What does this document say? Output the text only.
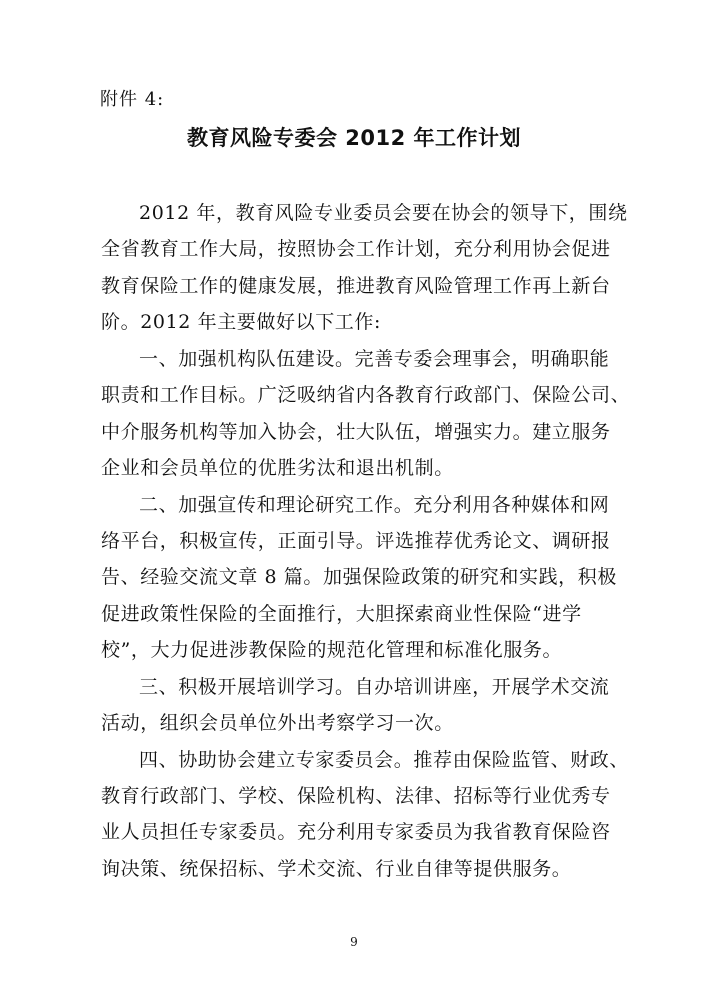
附件 4:
教育风险专委会 2012 年工作计划
2012 年，教育风险专业委员会要在协会的领导下，围绕
全省教育工作大局，按照协会工作计划，充分利用协会促进
教育保险工作的健康发展，推进教育风险管理工作再上新台
阶。2012 年主要做好以下工作:
一、加强机构队伍建设。完善专委会理事会，明确职能
职责和工作目标。广泛吸纳省内各教育行政部门、保险公司、
中介服务机构等加入协会，壮大队伍，增强实力。建立服务
企业和会员单位的优胜劣汰和退出机制。
二、加强宣传和理论研究工作。充分利用各种媒体和网
络平台，积极宣传，正面引导。评选推荐优秀论文、调研报
告、经验交流文章 8 篇。加强保险政策的研究和实践，积极
促进政策性保险的全面推行，大胆探索商业性保险“进学
校”，大力促进涉教保险的规范化管理和标准化服务。
三、积极开展培训学习。自办培训讲座，开展学术交流
活动，组织会员单位外出考察学习一次。
四、协助协会建立专家委员会。推荐由保险监管、财政、
教育行政部门、学校、保险机构、法律、招标等行业优秀专
业人员担任专家委员。充分利用专家委员为我省教育保险咨
询决策、统保招标、学术交流、行业自律等提供服务。
9
